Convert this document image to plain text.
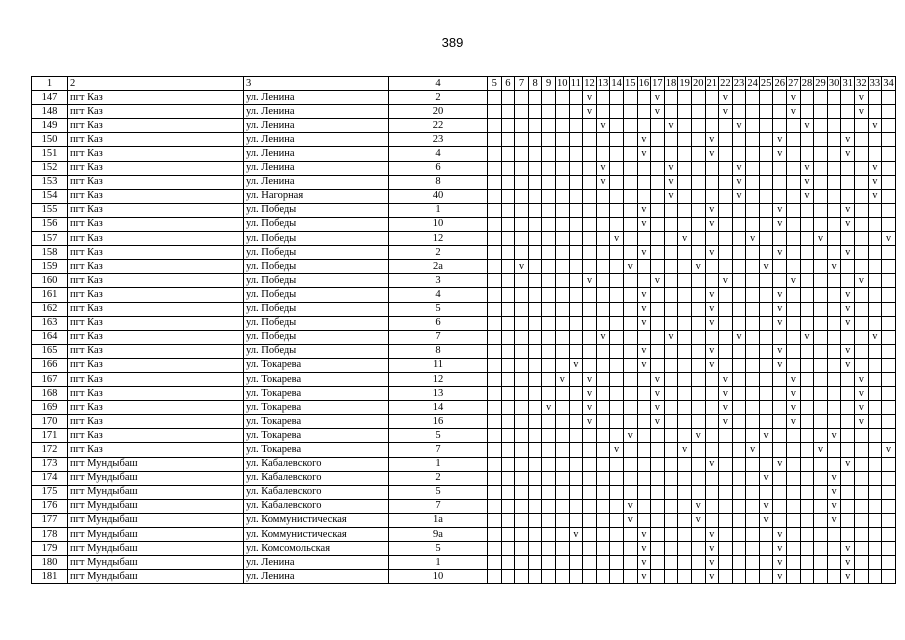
389
1	2	3	4	5	6	7	8	9	10	11	12	13	14	15	16	17	18	19	20	21	22	23	24	25	26	27	28	29	30	31	32	33	34
147	пгт Каз	ул. Ленина	2								v					v					v					v					v		
148	пгт Каз	ул. Ленина	20								v					v					v					v					v		
149	пгт Каз	ул. Ленина	22									v					v					v					v					v	
150	пгт Каз	ул. Ленина	23												v					v					v					v			
151	пгт Каз	ул. Ленина	4												v					v					v					v			
152	пгт Каз	ул. Ленина	6									v					v					v					v					v	
153	пгт Каз	ул. Ленина	8									v					v					v					v					v	
154	пгт Каз	ул. Нагорная	40														v					v					v					v	
155	пгт Каз	ул. Победы	1												v					v					v					v			
156	пгт Каз	ул. Победы	10												v					v					v					v			
157	пгт Каз	ул. Победы	12										v					v					v					v					v
158	пгт Каз	ул. Победы	2												v					v					v					v			
159	пгт Каз	ул. Победы	2а			v								v					v					v					v				
160	пгт Каз	ул. Победы	3								v					v					v					v					v		
161	пгт Каз	ул. Победы	4												v					v					v					v			
162	пгт Каз	ул. Победы	5												v					v					v					v			
163	пгт Каз	ул. Победы	6												v					v					v					v			
164	пгт Каз	ул. Победы	7									v					v					v					v					v	
165	пгт Каз	ул. Победы	8												v					v					v					v			
166	пгт Каз	ул. Токарева	11							v					v					v					v					v			
167	пгт Каз	ул. Токарева	12						v		v					v					v					v					v		
168	пгт Каз	ул. Токарева	13								v					v					v					v					v		
169	пгт Каз	ул. Токарева	14					v			v					v					v					v					v		
170	пгт Каз	ул. Токарева	16								v					v					v					v					v		
171	пгт Каз	ул. Токарева	5											v					v					v					v				
172	пгт Каз	ул. Токарева	7										v					v					v					v					v
173	пгт Мундыбаш	ул. Кабалевского	1																	v					v					v			
174	пгт Мундыбаш	ул. Кабалевского	2																					v					v				
175	пгт Мундыбаш	ул. Кабалевского	5																										v				
176	пгт Мундыбаш	ул. Кабалевского	7											v					v					v					v				
177	пгт Мундыбаш	ул. Коммунистическая	1а											v					v					v					v				
178	пгт Мундыбаш	ул. Коммунистическая	9а							v					v					v					v								
179	пгт Мундыбаш	ул. Комсомольская	5												v					v					v					v			
180	пгт Мундыбаш	ул. Ленина	1												v					v					v					v			
181	пгт Мундыбаш	ул. Ленина	10												v					v					v					v			
